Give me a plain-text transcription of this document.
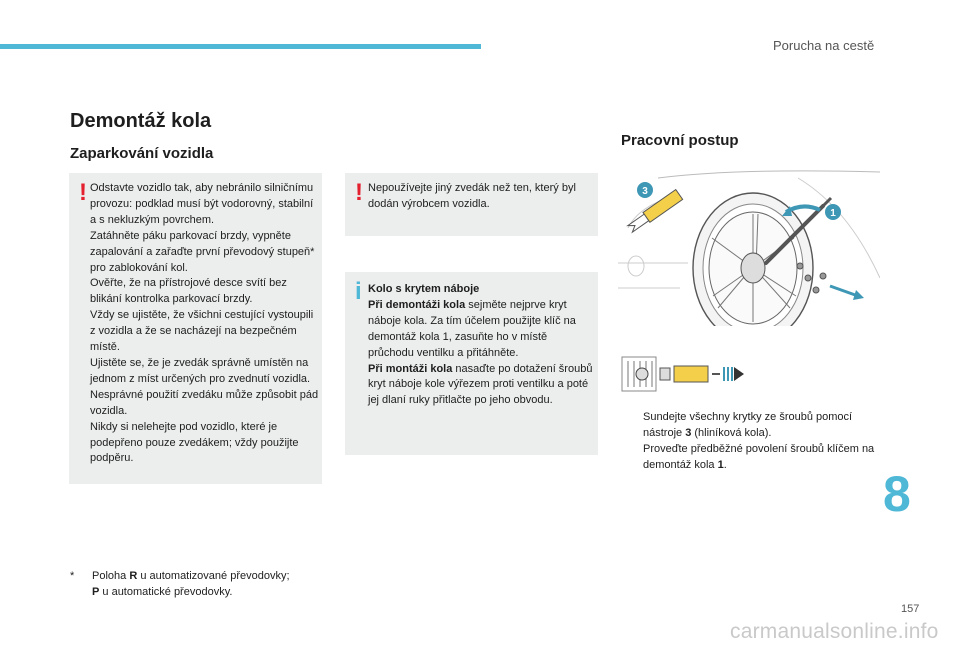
Porucha na cestě
Demontáž kola
Zaparkování vozidla
Pracovní postup
! Odstavte vozidlo tak, aby nebránilo silničnímu provozu: podklad musí být vodorovný, stabilní a s nekluzkým povrchem.

Zatáhněte páku parkovací brzdy, vypněte zapalování a zařaďte první převodový stupeň* pro zablokování kol.

Ověřte, že na přístrojové desce svítí bez blikání kontrolka parkovací brzdy.

Vždy se ujistěte, že všichni cestující vystoupili z vozidla a že se nacházejí na bezpečném místě.

Ujistěte se, že je zvedák správně umístěn na jednom z míst určených pro zvednutí vozidla. Nesprávné použití zvedáku může způsobit pád vozidla.

Nikdy si nelehejte pod vozidlo, které je podepřeno pouze zvedákem; vždy použijte podpěru.

! Nepoužívejte jiný zvedák než ten, který byl dodán výrobcem vozidla.
i Kolo s krytem náboje

Při demontáži kola sejměte nejprve kryt náboje kola. Za tím účelem použijte klíč na demontáž kola 1, zasuňte ho v místě průchodu ventilku a přitáhněte.

Při montáži kola nasaďte po dotažení šroubů kryt náboje kole výřezem proti ventilku a poté jej dlaní ruky přitlačte po jeho obvodu.

* Poloha R u automatizované převodovky;
P u automatické převodovky.
3
1
Sundejte všechny krytky ze šroubů pomocí nástroje 3 (hliníková kola).
Proveďte předběžné povolení šroubů klíčem na demontáž kola 1.
8
157
carmanualsonline.info
